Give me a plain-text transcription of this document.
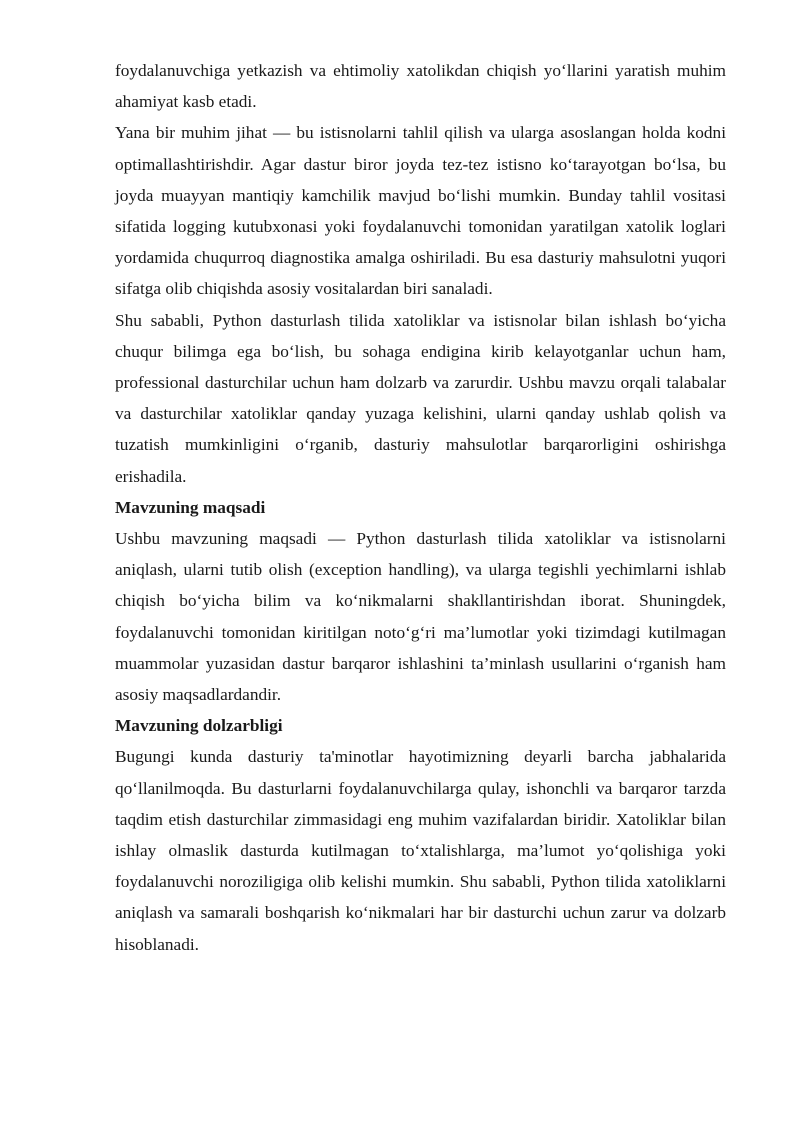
foydalanuvchiga yetkazish va ehtimoliy xatolikdan chiqish yo‘llarini yaratish muhim ahamiyat kasb etadi.

Yana bir muhim jihat — bu istisnolarni tahlil qilish va ularga asoslangan holda kodni optimallashtirishdir. Agar dastur biror joyda tez-tez istisno ko‘tarayotgan bo‘lsa, bu joyda muayyan mantiqiy kamchilik mavjud bo‘lishi mumkin. Bunday tahlil vositasi sifatida logging kutubxonasi yoki foydalanuvchi tomonidan yaratilgan xatolik loglari yordamida chuqurroq diagnostika amalga oshiriladi. Bu esa dasturiy mahsulotni yuqori sifatga olib chiqishda asosiy vositalardan biri sanaladi.

Shu sababli, Python dasturlash tilida xatoliklar va istisnolar bilan ishlash bo‘yicha chuqur bilimga ega bo‘lish, bu sohaga endigina kirib kelayotganlar uchun ham, professional dasturchilar uchun ham dolzarb va zarurdir. Ushbu mavzu orqali talabalar va dasturchilar xatoliklar qanday yuzaga kelishini, ularni qanday ushlab qolish va tuzatish mumkinligini o‘rganib, dasturiy mahsulotlar barqarorligini oshirishga erishadila.

Mavzuning maqsadi

Ushbu mavzuning maqsadi — Python dasturlash tilida xatoliklar va istisnolarni aniqlash, ularni tutib olish (exception handling), va ularga tegishli yechimlarni ishlab chiqish bo‘yicha bilim va ko‘nikmalarni shakllantirishdan iborat. Shuningdek, foydalanuvchi tomonidan kiritilgan noto‘g‘ri ma’lumotlar yoki tizimdagi kutilmagan muammolar yuzasidan dastur barqaror ishlashini ta’minlash usullarini o‘rganish ham asosiy maqsadlardandir.

Mavzuning dolzarbligi

Bugungi kunda dasturiy ta'minotlar hayotimizning deyarli barcha jabhalarida qo‘llanilmoqda. Bu dasturlarni foydalanuvchilarga qulay, ishonchli va barqaror tarzda taqdim etish dasturchilar zimmasidagi eng muhim vazifalardan biridir. Xatoliklar bilan ishlay olmaslik dasturda kutilmagan to‘xtalishlarga, ma’lumot yo‘qolishiga yoki foydalanuvchi noroziligiga olib kelishi mumkin. Shu sababli, Python tilida xatoliklarni aniqlash va samarali boshqarish ko‘nikmalari har bir dasturchi uchun zarur va dolzarb hisoblanadi.
